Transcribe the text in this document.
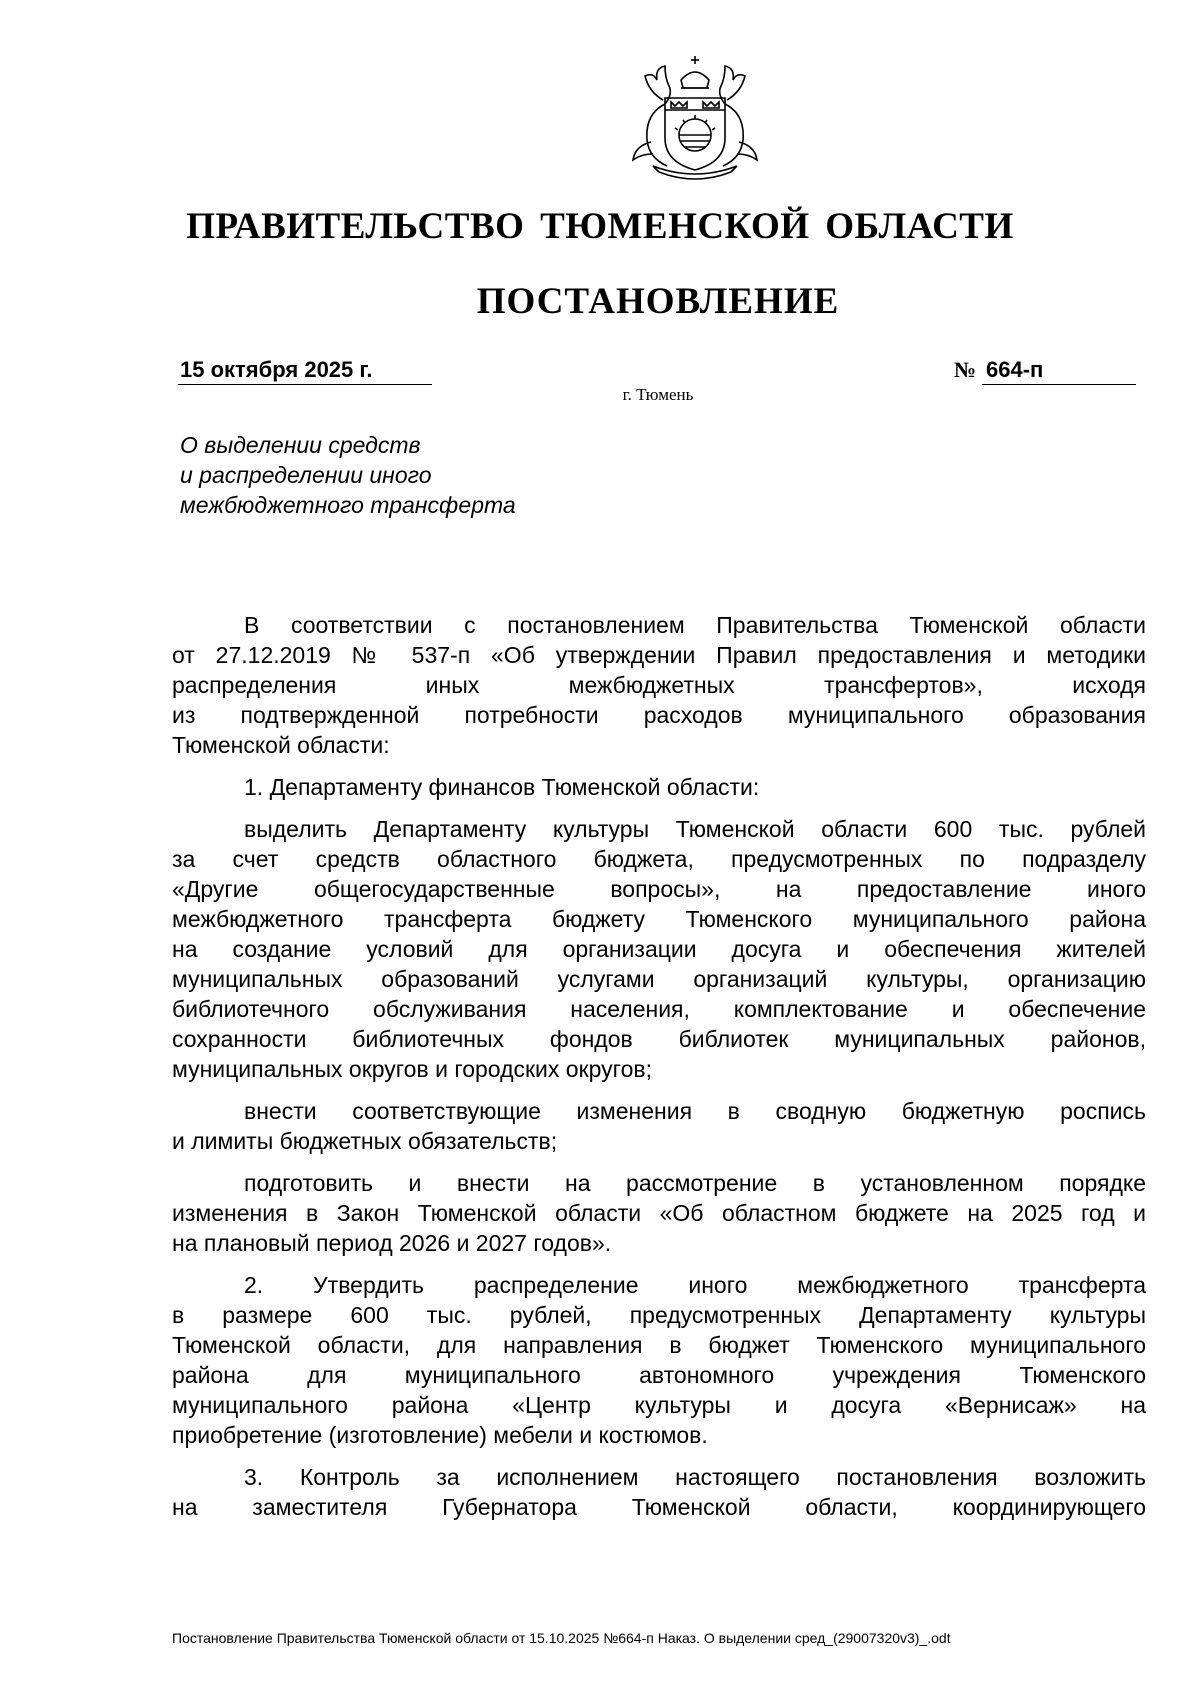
ПРАВИТЕЛЬСТВО ТЮМЕНСКОЙ ОБЛАСТИ
ПОСТАНОВЛЕНИЕ
15 октября 2025 г.	№ 664-п
г. Тюмень
О выделении средств
и распределении иного
межбюджетного трансферта
В соответствии с постановлением Правительства Тюменской области
от 27.12.2019 № 537-п «Об утверждении Правил предоставления и методики
распределения иных межбюджетных трансфертов», исходя
из подтвержденной потребности расходов муниципального образования
Тюменской области:
1. Департаменту финансов Тюменской области:
выделить Департаменту культуры Тюменской области 600 тыс. рублей
за счет средств областного бюджета, предусмотренных по подразделу
«Другие общегосударственные вопросы», на предоставление иного
межбюджетного трансферта бюджету Тюменского муниципального района
на создание условий для организации досуга и обеспечения жителей
муниципальных образований услугами организаций культуры, организацию
библиотечного обслуживания населения, комплектование и обеспечение
сохранности библиотечных фондов библиотек муниципальных районов,
муниципальных округов и городских округов;
внести соответствующие изменения в сводную бюджетную роспись
и лимиты бюджетных обязательств;
подготовить и внести на рассмотрение в установленном порядке
изменения в Закон Тюменской области «Об областном бюджете на 2025 год и
на плановый период 2026 и 2027 годов».
2. Утвердить распределение иного межбюджетного трансферта
в размере 600 тыс. рублей, предусмотренных Департаменту культуры
Тюменской области, для направления в бюджет Тюменского муниципального
района для муниципального автономного учреждения Тюменского
муниципального района «Центр культуры и досуга «Вернисаж» на
приобретение (изготовление) мебели и костюмов.
3. Контроль за исполнением настоящего постановления возложить
на заместителя Губернатора Тюменской области, координирующего
Постановление Правительства Тюменской области от 15.10.2025 №664-п Наказ. О выделении сред_(29007320v3)_.odt
